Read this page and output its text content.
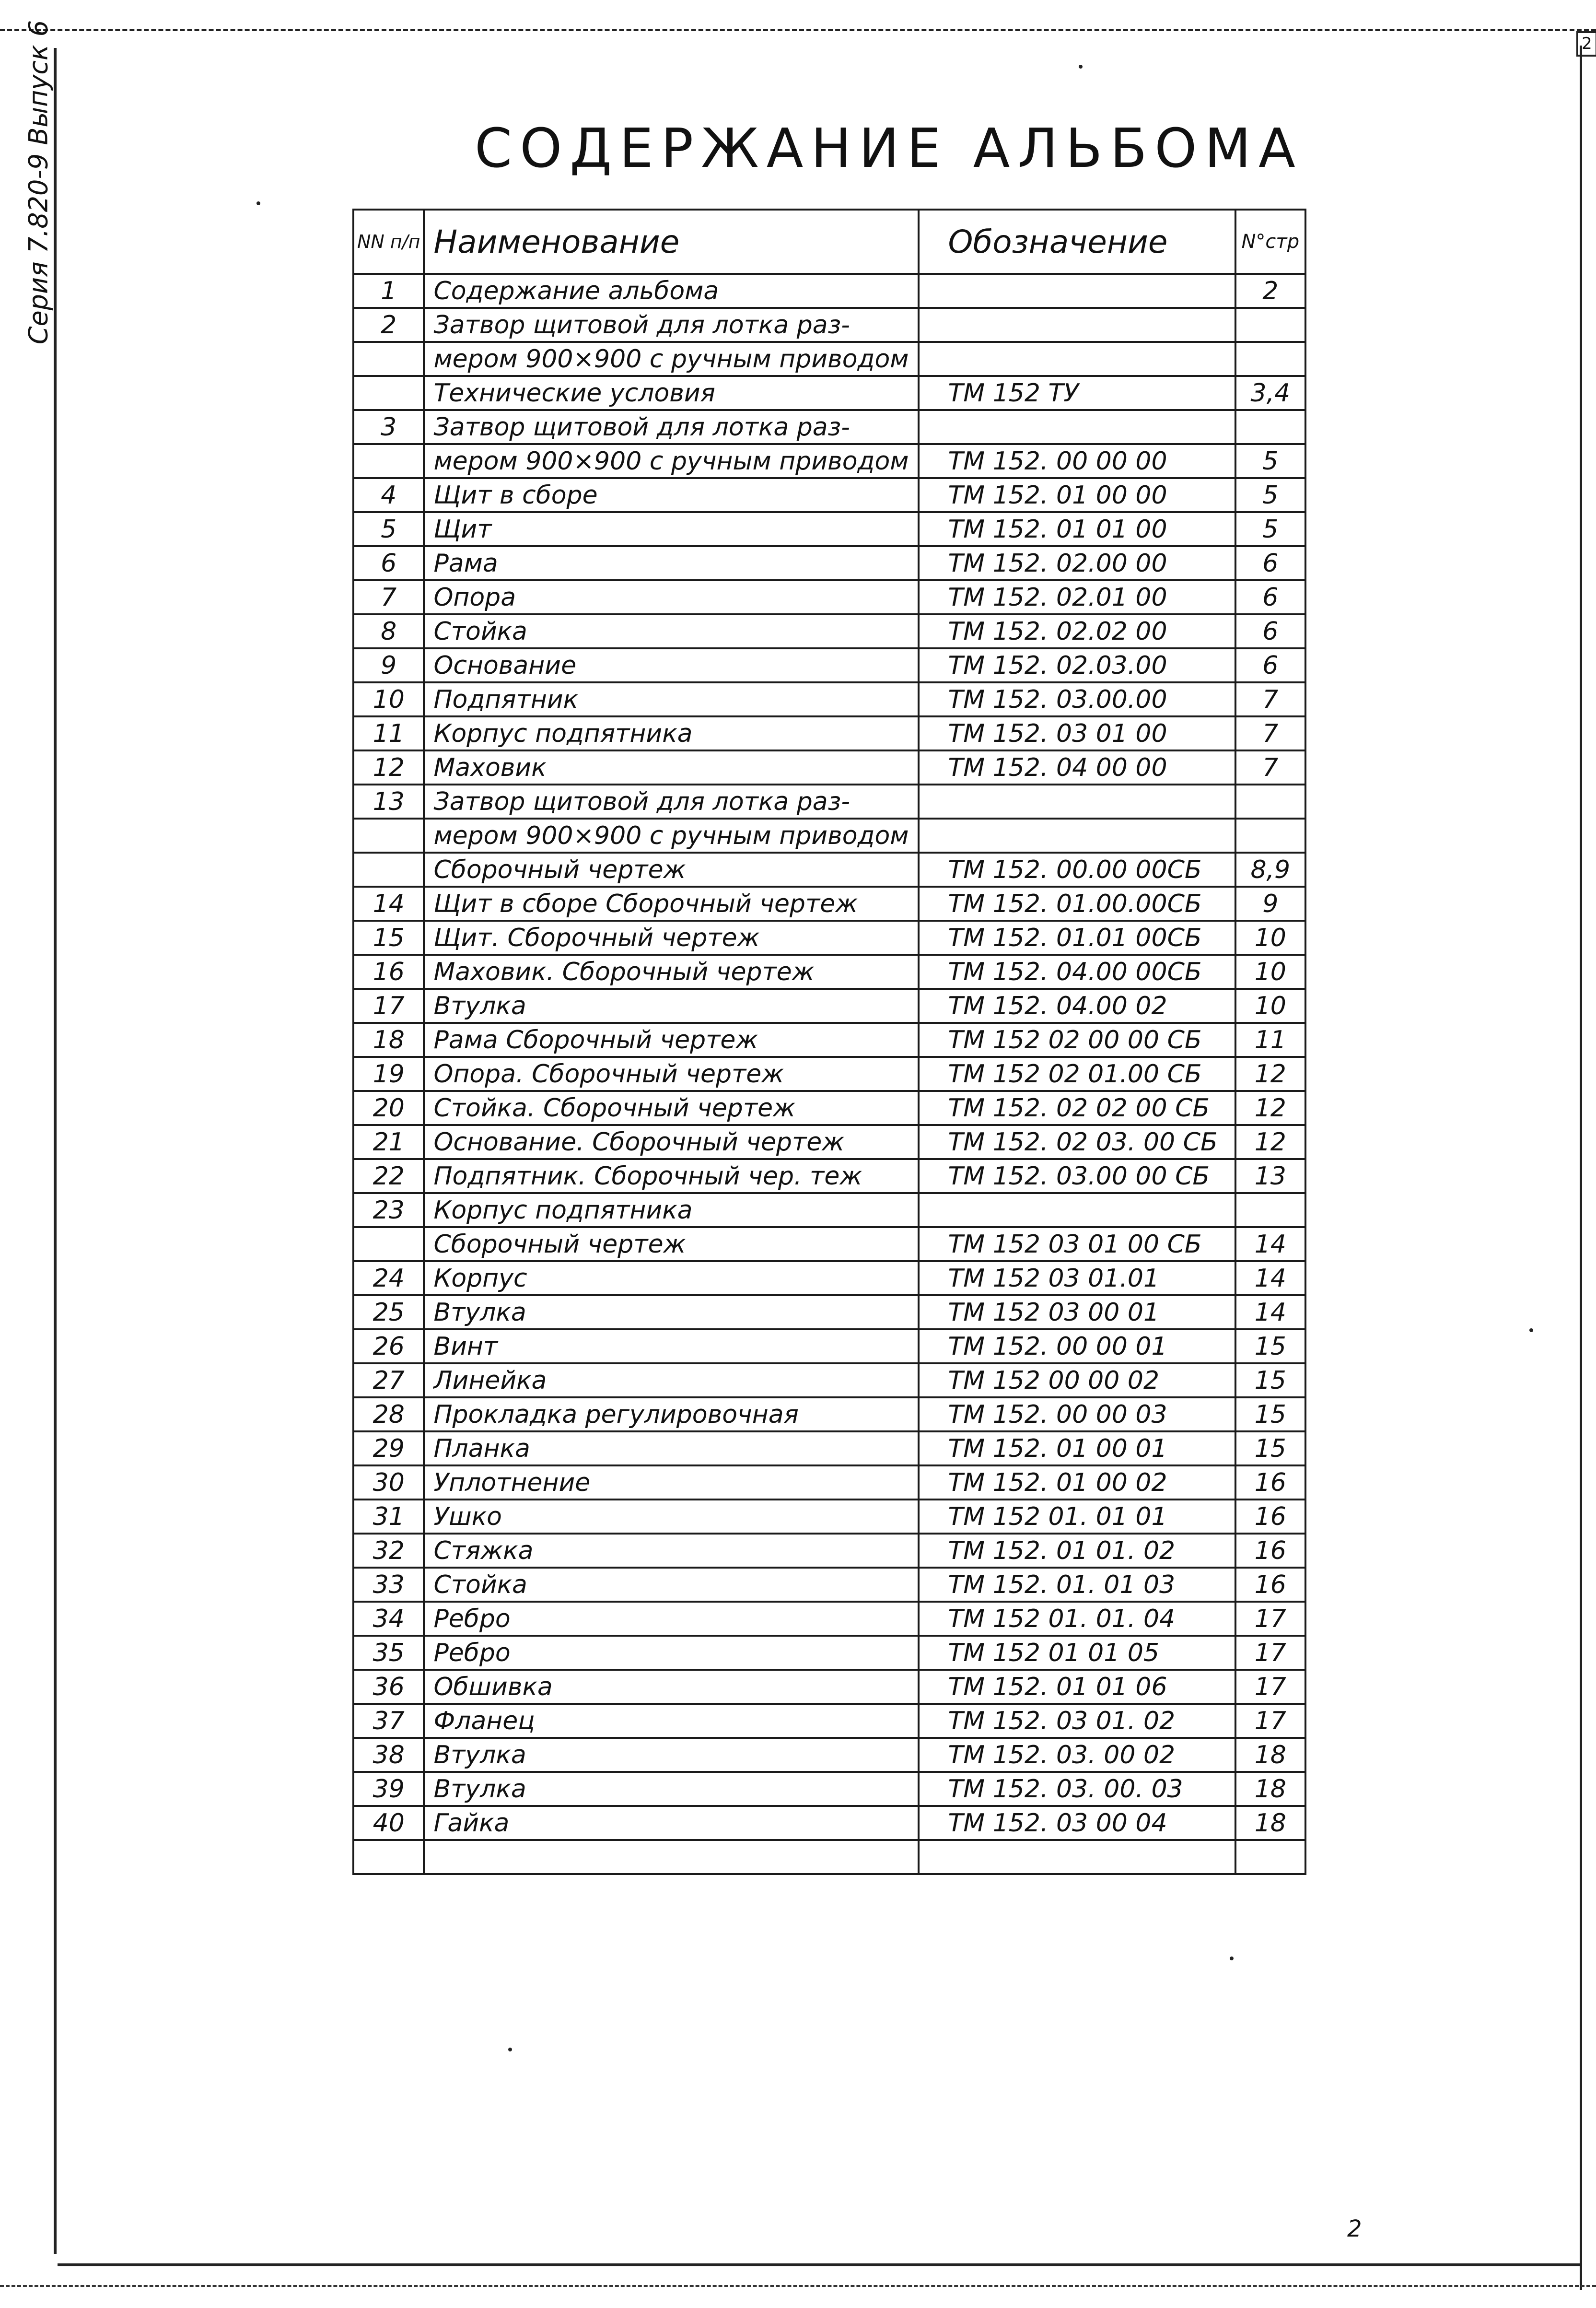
2
Серия 7.820-9 Выпуск 6	СОДЕРЖАНИЕ АЛЬБОМА
NN п/п	Наименование	Обозначение	N°стр
1	Содержание альбома		2
2	Затвор щитовой для лотка раз-		
	мером 900×900 с ручным приводом		
	Технические условия	ТМ 152 ТУ	3,4
3	Затвор щитовой для лотка раз-		
	мером 900×900 с ручным приводом	ТМ 152. 00 00 00	5
4	Щит в сборе	ТМ 152. 01 00 00	5
5	Щит	ТМ 152. 01 01 00	5
6	Рама	ТМ 152. 02.00 00	6
7	Опора	ТМ 152. 02.01 00	6
8	Стойка	ТМ 152. 02.02 00	6
9	Основание	ТМ 152. 02.03.00	6
10	Подпятник	ТМ 152. 03.00.00	7
11	Корпус подпятника	ТМ 152. 03 01 00	7
12	Маховик	ТМ 152. 04 00 00	7
13	Затвор щитовой для лотка раз-		
	мером 900×900 с ручным приводом		
	Сборочный чертеж	ТМ 152. 00.00 00СБ	8,9
14	Щит в сборе Сборочный чертеж	ТМ 152. 01.00.00СБ	9
15	Щит. Сборочный чертеж	ТМ 152. 01.01 00СБ	10
16	Маховик. Сборочный чертеж	ТМ 152. 04.00 00СБ	10
17	Втулка	ТМ 152. 04.00 02	10
18	Рама Сборочный чертеж	ТМ 152 02 00 00 СБ	11
19	Опора. Сборочный чертеж	ТМ 152 02 01.00 СБ	12
20	Стойка. Сборочный чертеж	ТМ 152. 02 02 00 СБ	12
21	Основание. Сборочный чертеж	ТМ 152. 02 03. 00 СБ	12
22	Подпятник. Сборочный чер. теж	ТМ 152. 03.00 00 СБ	13
23	Корпус подпятника		
	Сборочный чертеж	ТМ 152 03 01 00 СБ	14
24	Корпус	ТМ 152 03 01.01	14
25	Втулка	ТМ 152 03 00 01	14
26	Винт	ТМ 152. 00 00 01	15
27	Линейка	ТМ 152 00 00 02	15
28	Прокладка регулировочная	ТМ 152. 00 00 03	15
29	Планка	ТМ 152. 01 00 01	15
30	Уплотнение	ТМ 152. 01 00 02	16
31	Ушко	ТМ 152 01. 01 01	16
32	Стяжка	ТМ 152. 01 01. 02	16
33	Стойка	ТМ 152. 01. 01 03	16
34	Ребро	ТМ 152 01. 01. 04	17
35	Ребро	ТМ 152 01 01 05	17
36	Обшивка	ТМ 152. 01 01 06	17
37	Фланец	ТМ 152. 03 01. 02	17
38	Втулка	ТМ 152. 03. 00 02	18
39	Втулка	ТМ 152. 03. 00. 03	18
40	Гайка	ТМ 152. 03 00 04	18

2
